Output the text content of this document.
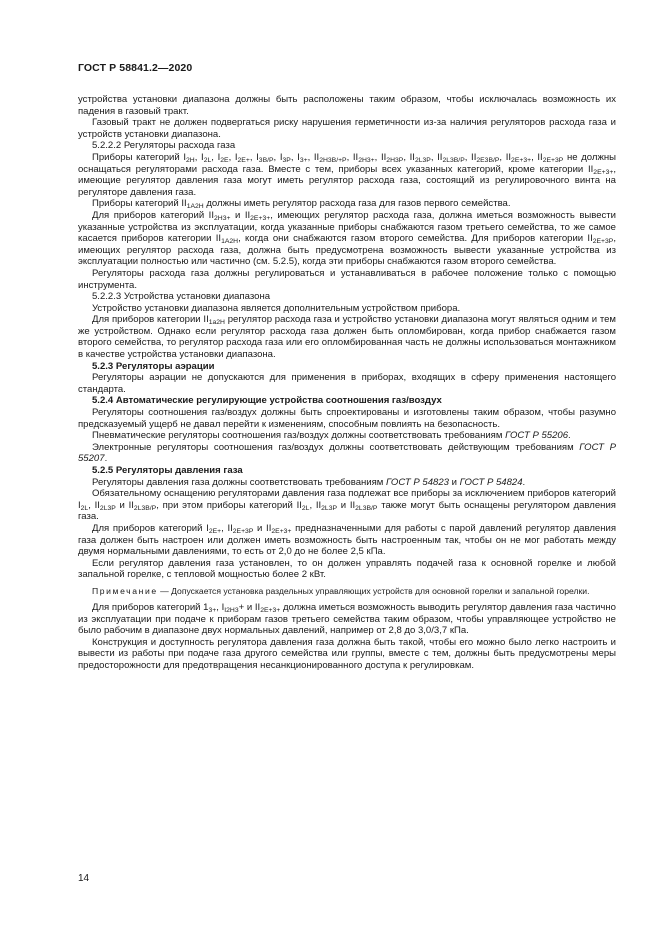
ГОСТ Р 58841.2—2020

устройства установки диапазона должны быть расположены таким образом, чтобы исключалась возможность их падения в газовый тракт.

Газовый тракт не должен подвергаться риску нарушения герметичности из-за наличия регуляторов расхода газа и устройств установки диапазона.

5.2.2.2 Регуляторы расхода газа

Приборы категорий $I_{2H}$, $I_{2L}$, $I_{2E}$, $I_{2E+}$, $I_{3B/P}$, $I_{3P}$, $I_{3+}$, $II_{2H3B/+P}$, $II_{2H3+}$, $II_{2H3P}$, $II_{2L3P}$, $II_{2L3B/P}$, $II_{2E3B/P}$, $II_{2E+3+}$, $II_{2E+3P}$ не должны оснащаться регуляторами расхода газа. Вместе с тем, приборы всех указанных категорий, кроме категории $II_{2E+3+}$, имеющие регулятор давления газа могут иметь регулятор расхода газа, состоящий из регулировочного винта на регуляторе давления газа.

Приборы категорий $II_{1A2H}$ должны иметь регулятор расхода газа для газов первого семейства.

Для приборов категорий $II_{2H3+}$ и $II_{2E+3+}$, имеющих регулятор расхода газа, должна иметься возможность вывести указанные устройства из эксплуатации, когда указанные приборы снабжаются газом третьего семейства, то же самое касается приборов категории $II_{1A2H}$, когда они снабжаются газом второго семейства. Для приборов категории $II_{2E+3P}$, имеющих регулятор расхода газа, должна быть предусмотрена возможность вывести указанные устройства из эксплуатации полностью или частично (см. 5.2.5), когда эти приборы снабжаются газом второго семейства.

Регуляторы расхода газа должны регулироваться и устанавливаться в рабочее положение только с помощью инструмента.

5.2.2.3 Устройства установки диапазона

Устройство установки диапазона является дополнительным устройством прибора.

Для приборов категории $II_{1a2H}$ регулятор расхода газа и устройство установки диапазона могут являться одним и тем же устройством. Однако если регулятор расхода газа должен быть опломбирован, когда прибор снабжается газом второго семейства, то регулятор расхода газа или его опломбированная часть не должны использоваться монтажником в качестве устройства установки диапазона.

5.2.3 Регуляторы аэрации

Регуляторы аэрации не допускаются для применения в приборах, входящих в сферу применения настоящего стандарта.

5.2.4 Автоматические регулирующие устройства соотношения газ/воздух

Регуляторы соотношения газ/воздух должны быть спроектированы и изготовлены таким образом, чтобы разумно предсказуемый ущерб не давал перейти к изменениям, способным повлиять на безопасность.

Пневматические регуляторы соотношения газ/воздух должны соответствовать требованиям ГОСТ Р 55206.

Электронные регуляторы соотношения газ/воздух должны соответствовать действующим требованиям ГОСТ Р 55207.

5.2.5 Регуляторы давления газа

Регуляторы давления газа должны соответствовать требованиям ГОСТ Р 54823 и ГОСТ Р 54824.

Обязательному оснащению регуляторами давления газа подлежат все приборы за исключением приборов категорий $I_{2L}$, $II_{2L3P}$ и $II_{2L3B/P}$, при этом приборы категорий $II_{2L}$, $II_{2L3P}$ и $II_{2L3B/P}$ также могут быть оснащены регулятором давления газа.

Для приборов категорий $I_{2E+}$, $II_{2E+3P}$ и $II_{2E+3+}$ предназначенными для работы с парой давлений регулятор давления газа должен быть настроен или должен иметь возможность быть настроенным так, чтобы он не мог работать между двумя нормальными давлениями, то есть от 2,0 до не более 2,5 кПа.

Если регулятор давления газа установлен, то он должен управлять подачей газа к основной горелке и любой запальной горелке, с тепловой мощностью более 2 кВт.

Примечание — Допускается установка раздельных управляющих устройств для основной горелки и запальной горелки.

Для приборов категорий $1_{3+}$, $I_{I2H3}+ и$ $II_{2E+3+}$ должна иметься возможность выводить регулятор давления газа частично из эксплуатации при подаче к приборам газов третьего семейства таким образом, чтобы управляющее устройство не было рабочим в диапазоне двух нормальных давлений, например от 2,8 до 3,0/3,7 кПа.

Конструкция и доступность регулятора давления газа должна быть такой, чтобы его можно было легко настроить и вывести из работы при подаче газа другого семейства или группы, вместе с тем, должны быть предусмотрены меры предосторожности для предотвращения несанкционированного доступа к регулировкам.

14
